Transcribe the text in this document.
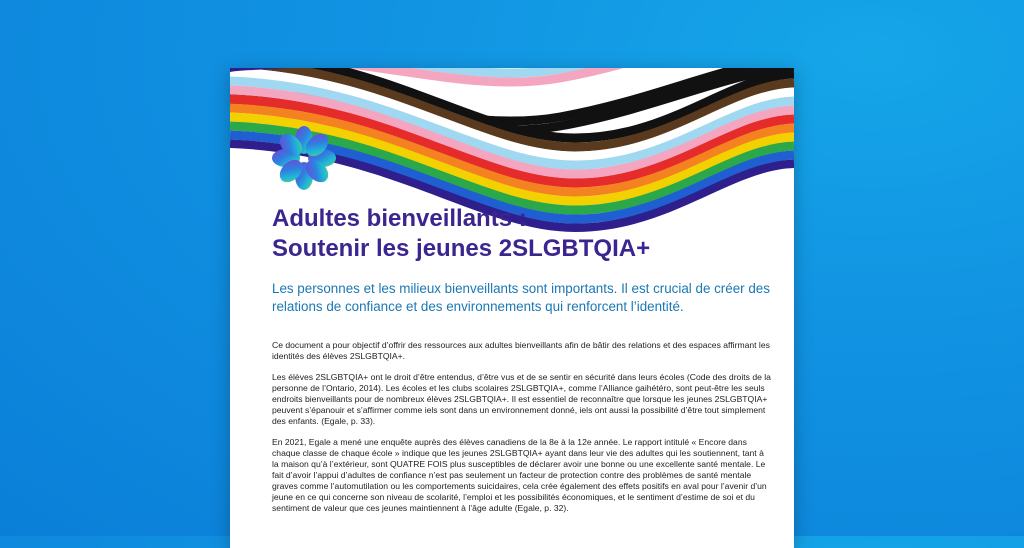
Adultes bienveillants :
Soutenir les jeunes 2SLGBTQIA+

Les personnes et les milieux bienveillants sont importants. Il est crucial de créer des relations de confiance et des environnements qui renforcent l’identité.

Ce document a pour objectif d’offrir des ressources aux adultes bienveillants afin de bâtir des relations et des espaces affirmant les identités des élèves 2SLGBTQIA+.

Les élèves 2SLGBTQIA+ ont le droit d’être entendus, d’être vus et de se sentir en sécurité dans leurs écoles (Code des droits de la personne de l’Ontario, 2014). Les écoles et les clubs scolaires 2SLGBTQIA+, comme l’Alliance gaihétéro, sont peut-être les seuls endroits bienveillants pour de nombreux élèves 2SLGBTQIA+. Il est essentiel de reconnaître que lorsque les jeunes 2SLGBTQIA+ peuvent s’épanouir et s’affirmer comme iels sont dans un environnement donné, iels ont aussi la possibilité d’être tout simplement des enfants. (Egale, p. 33).

En 2021, Egale a mené une enquête auprès des élèves canadiens de la 8e à la 12e année. Le rapport intitulé « Encore dans chaque classe de chaque école » indique que les jeunes 2SLGBTQIA+ ayant dans leur vie des adultes qui les soutiennent, tant à la maison qu’à l’extérieur, sont QUATRE FOIS plus susceptibles de déclarer avoir une bonne ou une excellente santé mentale. Le fait d’avoir l’appui d’adultes de confiance n’est pas seulement un facteur de protection contre des problèmes de santé mentale graves comme l’automutilation ou les comportements suicidaires, cela crée également des effets positifs en aval pour l’avenir d’un jeune en ce qui concerne son niveau de scolarité, l’emploi et les possibilités économiques, et le sentiment d’estime de soi et du sentiment de valeur que ces jeunes maintiennent à l’âge adulte (Egale, p. 32).
